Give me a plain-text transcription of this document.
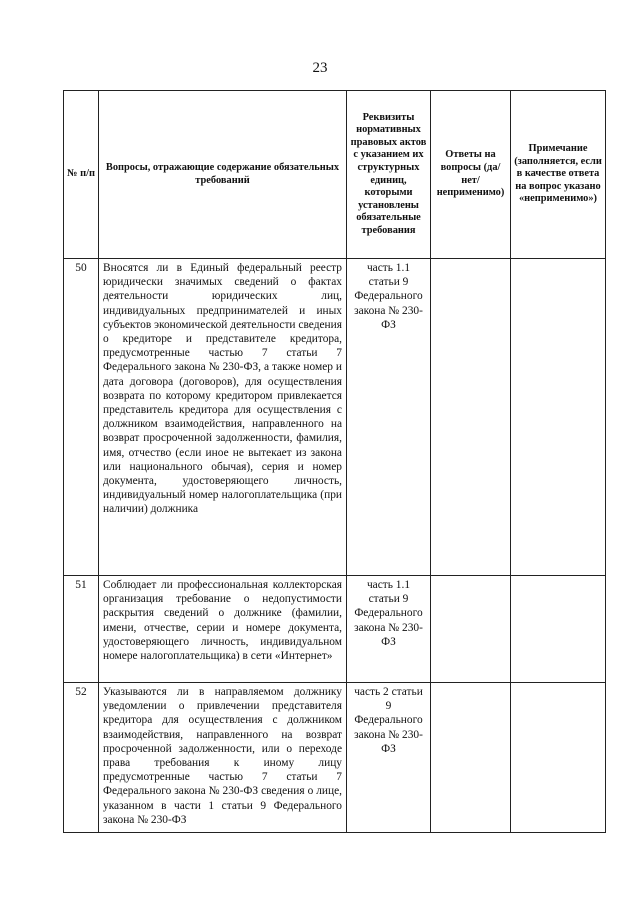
23
№ п/п	Вопросы, отражающие содержание обязательных требований	Реквизиты нормативных правовых актов с указанием их структурных единиц, которыми установлены обязательные требования	Ответы на вопросы (да/нет/ неприменимо)	Примечание (заполняется, если в качестве ответа на вопрос указано «неприменимо»)
50	Вносятся ли в Единый федеральный реестр юридически значимых сведений о фактах деятельности юридических лиц, индивидуальных предпринимателей и иных субъектов экономической деятельности сведения о кредиторе и представителе кредитора, предусмотренные частью 7 статьи 7 Федерального закона № 230-ФЗ, а также номер и дата договора (договоров), для осуществления возврата по которому кредитором привлекается представитель кредитора для осуществления с должником взаимодействия, направленного на возврат просроченной задолженности, фамилия, имя, отчество (если иное не вытекает из закона или национального обычая), серия и номер документа, удостоверяющего личность, индивидуальный номер налогоплательщика (при наличии) должника	часть 1.1 статьи 9 Федерального закона № 230-ФЗ		
51	Соблюдает ли профессиональная коллекторская организация требование о недопустимости раскрытия сведений о должнике (фамилии, имени, отчестве, серии и номере документа, удостоверяющего личность, индивидуальном номере налогоплательщика) в сети «Интернет»	часть 1.1 статьи 9 Федерального закона № 230-ФЗ		
52	Указываются ли в направляемом должнику уведомлении о привлечении представителя кредитора для осуществления с должником взаимодействия, направленного на возврат просроченной задолженности, или о переходе права требования к иному лицу предусмотренные частью 7 статьи 7 Федерального закона № 230-ФЗ сведения о лице, указанном в части 1 статьи 9 Федерального закона № 230-ФЗ	часть 2 статьи 9 Федерального закона № 230-ФЗ		
